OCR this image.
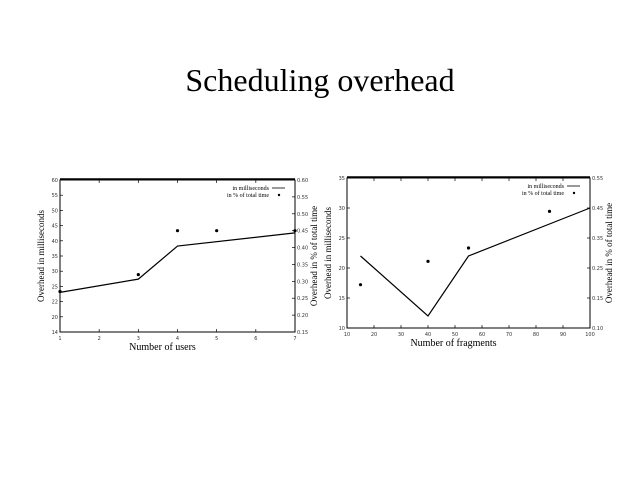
Scheduling overhead
1	2	3	4	5	6	7
14
20
22
25
30
35
40
45
50
55
60
0.15
0.20
0.25
0.30
0.35
0.40
0.45
0.50
0.55
0.60
in milliseconds
in % of total time
Number of users
Overhead in milliseconds	Overhead in % of total time
10	20	30	40	50	60	70	80	90	100
10
15
20
25
30
35
0.10
0.15
0.25
0.35
0.45
0.55
in milliseconds
in % of total time
Number of fragments
Overhead in milliseconds	Overhead in % of total time
